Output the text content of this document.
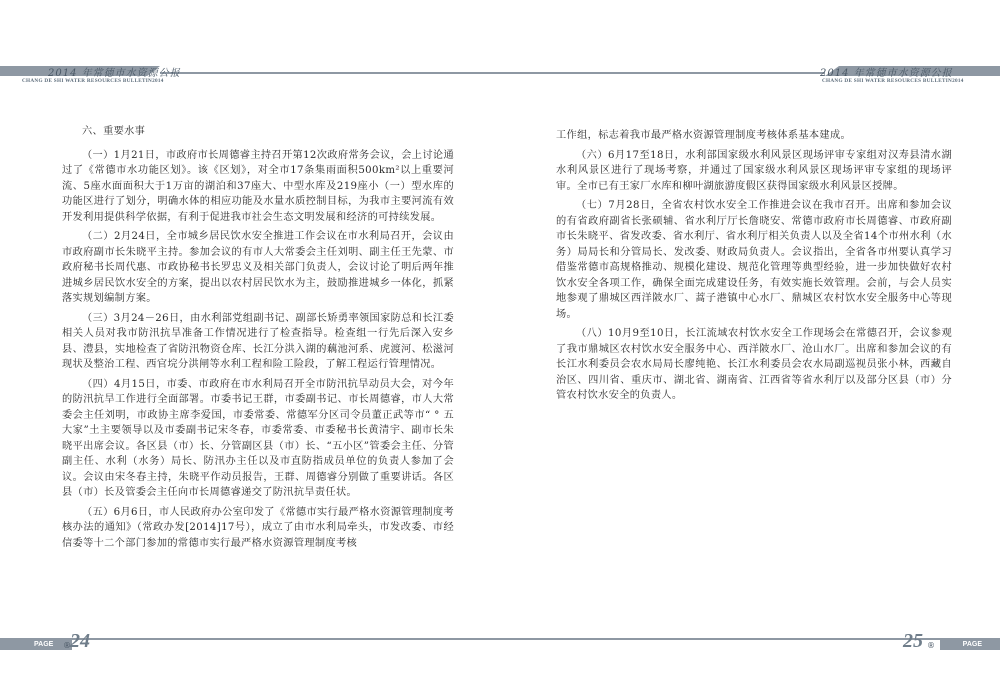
2014 年常德市水资源公报
CHANG DE SHI WATER RESOURCES BULLETIN2014

六、重要水事

（一）1月21日，市政府市长周德睿主持召开第12次政府常务会议，会上讨论通过了《常德市水功能区划》。该《区划》，对全市17条集雨面积500km²以上重要河流、5座水面面积大于1万亩的湖泊和37座大、中型水库及219座小（一）型水库的功能区进行了划分，明确水体的相应功能及水量水质控制目标，为我市主要河流有效开发利用提供科学依据，有利于促进我市社会生态文明发展和经济的可持续发展。

（二）2月24日，全市城乡居民饮水安全推进工作会议在市水利局召开，会议由市政府副市长朱晓平主持。参加会议的有市人大常委会主任刘明、副主任王先蒙、市政府秘书长周代惠、市政协秘书长罗忠义及相关部门负责人，会议讨论了明后两年推进城乡居民饮水安全的方案，提出以农村居民饮水为主，鼓励推进城乡一体化，抓紧落实规划编制方案。

（三）3月24－26日，由水利部党组副书记、副部长矫勇率领国家防总和长江委相关人员对我市防汛抗旱准备工作情况进行了检查指导。检查组一行先后深入安乡县、澧县，实地检查了省防汛物资仓库、长江分洪入湖的藕池河系、虎渡河、松滋河现状及整治工程、西官垸分洪闸等水利工程和险工险段，了解工程运行管理情况。

（四）4月15日，市委、市政府在市水利局召开全市防汛抗旱动员大会，对今年的防汛抗旱工作进行全面部署。市委书记王群，市委副书记、市长周德睿，市人大常委会主任刘明，市政协主席李爱国，市委常委、常德军分区司令员董正武等市“ ° 五大家”土主要领导以及市委副书记宋冬春，市委常委、市委秘书长黄清宇、副市长朱晓平出席会议。各区县（市）长、分管副区县（市）长、“五小区”管委会主任、分管副主任、水利（水务）局长、防汛办主任以及市直防指成员单位的负责人参加了会议。会议由宋冬春主持，朱晓平作动员报告，王群、周德睿分别做了重要讲话。各区县（市）长及管委会主任向市长周德睿递交了防汛抗旱责任状。

（五）6月6日，市人民政府办公室印发了《常德市实行最严格水资源管理制度考核办法的通知》（常政办发[2014]17号），成立了由市水利局牵头，市发改委、市经信委等十二个部门参加的常德市实行最严格水资源管理制度考核

PAGE ® 24
2014 年常德市水资源公报
CHANG DE SHI WATER RESOURCES BULLETIN2014

工作组，标志着我市最严格水资源管理制度考核体系基本建成。

（六）6月17至18日，水利部国家级水利风景区现场评审专家组对汉寿县清水湖水利风景区进行了现场考察，并通过了国家级水利风景区现场评审专家组的现场评审。全市已有王家厂水库和柳叶湖旅游度假区获得国家级水利风景区授牌。

（七）7月28日，全省农村饮水安全工作推进会议在我市召开。出席和参加会议的有省政府副省长张硕辅、省水利厅厅长詹晓安、常德市政府市长周德睿、市政府副市长朱晓平、省发改委、省水利厅、省水利厅相关负责人以及全省14个市州水利（水务）局局长和分管局长、发改委、财政局负责人。会议指出，全省各市州要认真学习借鉴常德市高规格推动、规模化建设、规范化管理等典型经验，进一步加快做好农村饮水安全各项工作，确保全面完成建设任务，有效实施长效管理。会前，与会人员实地参观了鼎城区西洋陂水厂、蒿子港镇中心水厂、鼎城区农村饮水安全服务中心等现场。

（八）10月9至10日，长江流域农村饮水安全工作现场会在常德召开，会议参观了我市鼎城区农村饮水安全服务中心、西洋陂水厂、沧山水厂。出席和参加会议的有长江水利委员会农水局局长廖纯艳、长江水利委员会农水局副巡视员张小林，西藏自治区、四川省、重庆市、湖北省、湖南省、江西省等省水利厅以及部分区县（市）分管农村饮水安全的负责人。

25 ®	PAGE
